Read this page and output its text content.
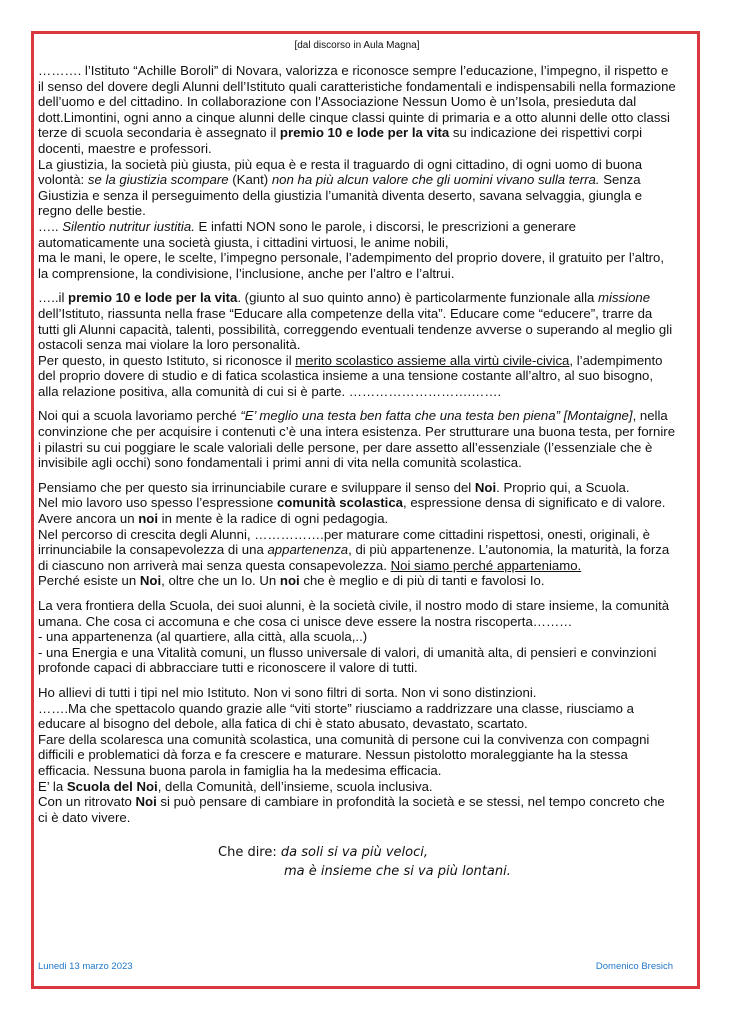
[dal discorso in Aula Magna]

………. l’Istituto “Achille Boroli” di Novara, valorizza e riconosce sempre l’educazione, l’impegno, il rispetto e il senso del dovere degli Alunni dell’Istituto quali caratteristiche fondamentali e indispensabili nella formazione dell’uomo e del cittadino. In collaborazione con l’Associazione Nessun Uomo è un’Isola, presieduta dal dott.Limontini, ogni anno a cinque alunni delle cinque classi quinte di primaria e a otto alunni delle otto classi terze di scuola secondaria è assegnato il premio 10 e lode per la vita su indicazione dei rispettivi corpi docenti, maestre e professori.

La giustizia, la società più giusta, più equa è e resta il traguardo di ogni cittadino, di ogni uomo di buona volontà: se la giustizia scompare (Kant) non ha più alcun valore che gli uomini vivano sulla terra. Senza Giustizia e senza il perseguimento della giustizia l’umanità diventa deserto, savana selvaggia, giungla e regno delle bestie.

….. Silentio nutritur iustitia. E infatti NON sono le parole, i discorsi, le prescrizioni a generare automaticamente una società giusta, i cittadini virtuosi, le anime nobili,

ma le mani, le opere, le scelte, l’impegno personale, l’adempimento del proprio dovere, il gratuito per l’altro, la comprensione, la condivisione, l’inclusione, anche per l’altro e l’altrui.

…..il premio 10 e lode per la vita. (giunto al suo quinto anno) è particolarmente funzionale alla missione dell’Istituto, riassunta nella frase “Educare alla competenze della vita”. Educare come “educere”, trarre da tutti gli Alunni capacità, talenti, possibilità, correggendo eventuali tendenze avverse o superando al meglio gli ostacoli senza mai violare la loro personalità.

Per questo, in questo Istituto, si riconosce il merito scolastico assieme alla virtù civile-civica, l’adempimento del proprio dovere di studio e di fatica scolastica insieme a una tensione costante all’altro, al suo bisogno, alla relazione positiva, alla comunità di cui si è parte. ……………………….…….

Noi qui a scuola lavoriamo perché “E’ meglio una testa ben fatta che una testa ben piena” [Montaigne], nella convinzione che per acquisire i contenuti c’è una intera esistenza. Per strutturare una buona testa, per fornire i pilastri su cui poggiare le scale valoriali delle persone, per dare assetto all’essenziale (l’essenziale che è invisibile agli occhi) sono fondamentali i primi anni di vita nella comunità scolastica.

Pensiamo che per questo sia irrinunciabile curare e sviluppare il senso del Noi. Proprio qui, a Scuola.

Nel mio lavoro uso spesso l’espressione comunità scolastica, espressione densa di significato e di valore. Avere ancora un noi in mente è la radice di ogni pedagogia.

Nel percorso di crescita degli Alunni, …………….per maturare come cittadini rispettosi, onesti, originali, è irrinunciabile la consapevolezza di una appartenenza, di più appartenenze. L’autonomia, la maturità, la forza di ciascuno non arriverà mai senza questa consapevolezza. Noi siamo perché apparteniamo.

Perché esiste un Noi, oltre che un Io. Un noi che è meglio e di più di tanti e favolosi Io.

La vera frontiera della Scuola, dei suoi alunni, è la società civile, il nostro modo di stare insieme, la comunità umana. Che cosa ci accomuna e che cosa ci unisce deve essere la nostra riscoperta………

- una appartenenza (al quartiere, alla città, alla scuola,..)

- una Energia e una Vitalità comuni, un flusso universale di valori, di umanità alta, di pensieri e convinzioni profonde capaci di abbracciare tutti e riconoscere il valore di tutti.

Ho allievi di tutti i tipi nel mio Istituto. Non vi sono filtri di sorta. Non vi sono distinzioni.

…….Ma che spettacolo quando grazie alle “viti storte” riusciamo a raddrizzare una classe, riusciamo a educare al bisogno del debole, alla fatica di chi è stato abusato, devastato, scartato.

Fare della scolaresca una comunità scolastica, una comunità di persone cui la convivenza con compagni difficili e problematici dà forza e fa crescere e maturare. Nessun pistolotto moraleggiante ha la stessa efficacia. Nessuna buona parola in famiglia ha la medesima efficacia.

E’ la Scuola del Noi, della Comunità, dell’insieme, scuola inclusiva.

Con un ritrovato Noi si può pensare di cambiare in profondità la società e se stessi, nel tempo concreto che ci è dato vivere.

Che dire: da soli si va più veloci,
ma è insieme che si va più lontani.
Lunedi 13 marzo 2023	Domenico Bresich
